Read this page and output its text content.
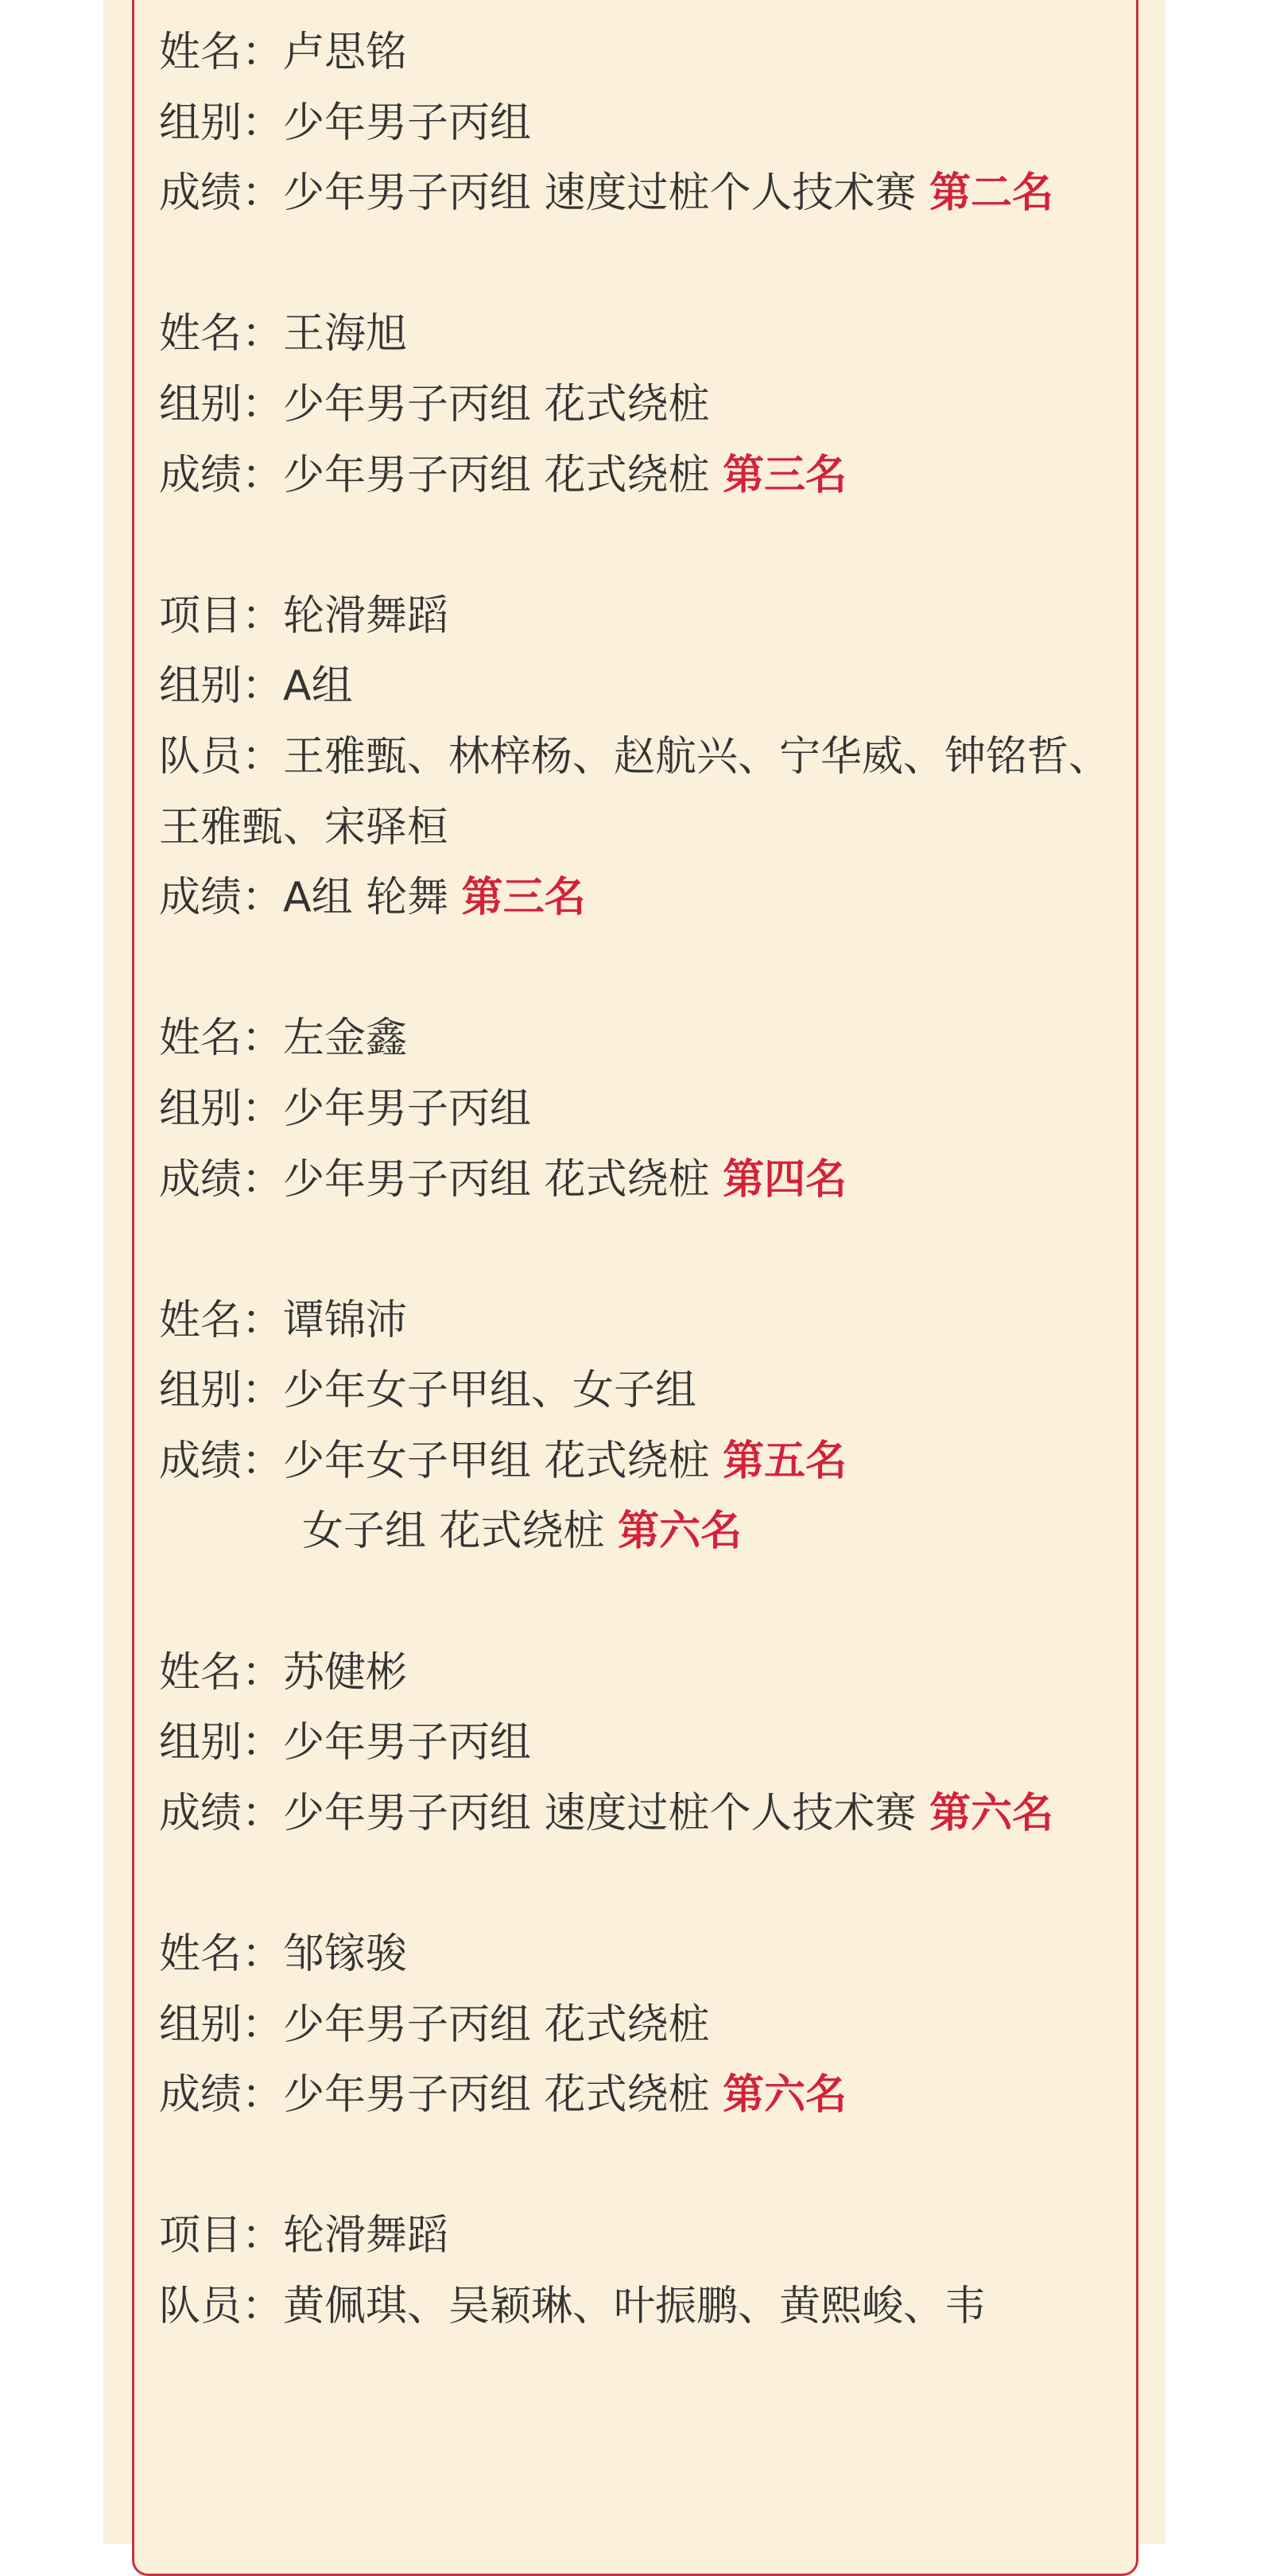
姓名：卢思铭
组别：少年男子丙组
成绩：少年男子丙组 速度过桩个人技术赛 第二名
姓名：王海旭
组别：少年男子丙组 花式绕桩
成绩：少年男子丙组 花式绕桩 第三名
项目：轮滑舞蹈
组别：A组
队员：王雅甄、林梓杨、赵航兴、宁华威、钟铭哲、王雅甄、宋驿桓
成绩：A组 轮舞 第三名
姓名：左金鑫
组别：少年男子丙组
成绩：少年男子丙组 花式绕桩 第四名
姓名：谭锦沛
组别：少年女子甲组、女子组
成绩：少年女子甲组 花式绕桩 第五名
女子组 花式绕桩 第六名
姓名：苏健彬
组别：少年男子丙组
成绩：少年男子丙组 速度过桩个人技术赛 第六名
姓名：邹镓骏
组别：少年男子丙组 花式绕桩
成绩：少年男子丙组 花式绕桩 第六名
项目：轮滑舞蹈
队员：黄佩琪、吴颖琳、叶振鹏、黄熙峻、韦
